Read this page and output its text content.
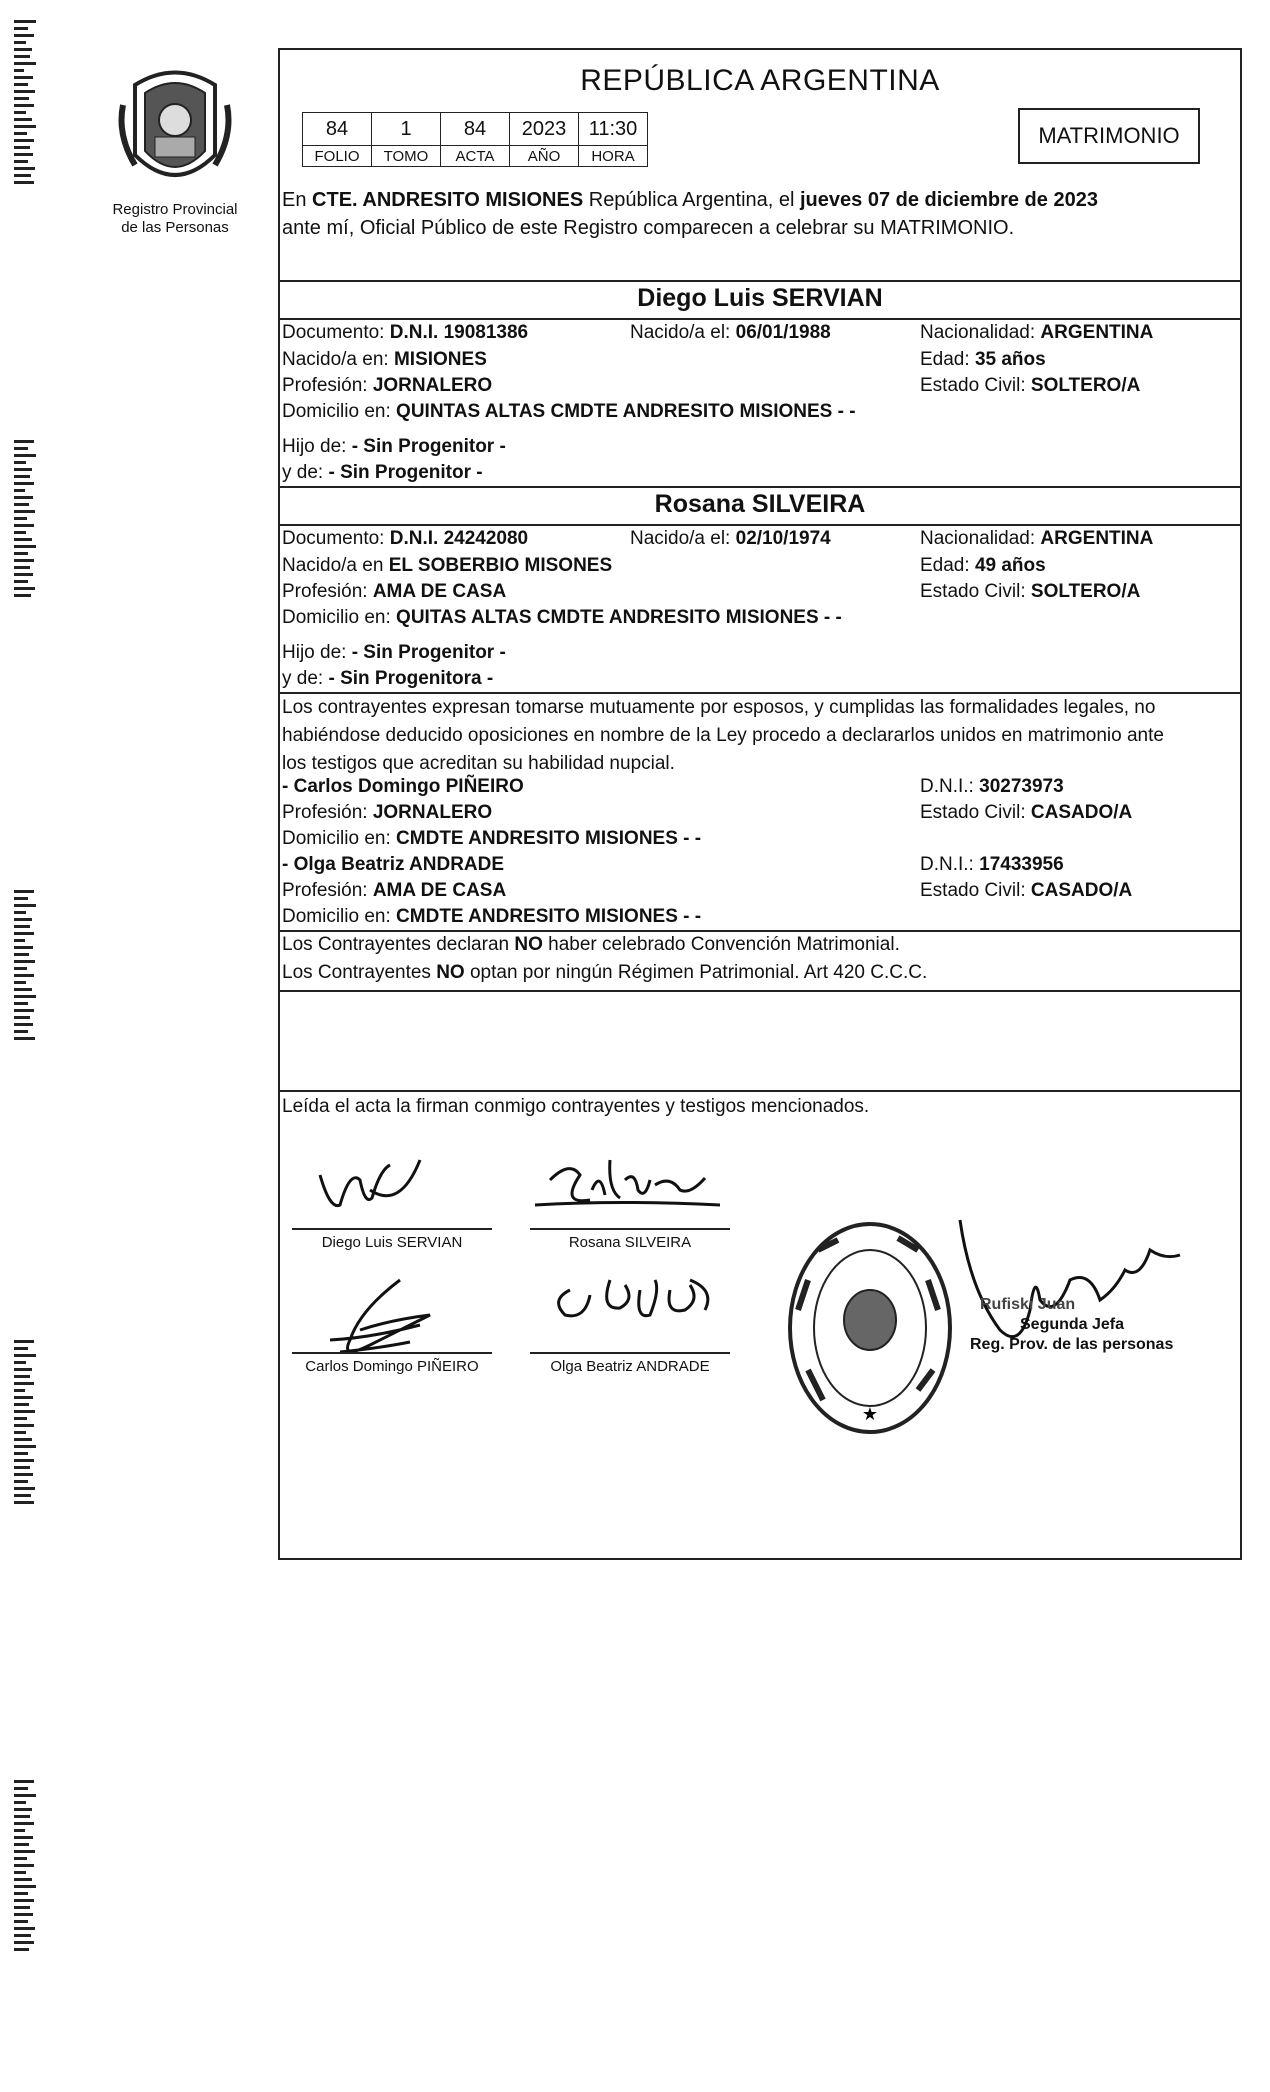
Registro Provincial
de las Personas
REPÚBLICA ARGENTINA
84	1	84	2023	11:30
FOLIO	TOMO	ACTA	AÑO	HORA
MATRIMONIO
En CTE. ANDRESITO MISIONES República Argentina, el jueves 07 de diciembre de 2023
ante mí, Oficial Público de este Registro comparecen a celebrar su MATRIMONIO.
Diego Luis SERVIAN
Documento: D.N.I. 19081386	Nacido/a el: 06/01/1988	Nacionalidad: ARGENTINA
Nacido/a en: MISIONES	Edad: 35 años
Profesión: JORNALERO	Estado Civil: SOLTERO/A
Domicilio en: QUINTAS ALTAS CMDTE ANDRESITO MISIONES - -
Hijo de: - Sin Progenitor -
y de: - Sin Progenitor -
Rosana SILVEIRA
Documento: D.N.I. 24242080	Nacido/a el: 02/10/1974	Nacionalidad: ARGENTINA
Nacido/a en EL SOBERBIO MISONES	Edad: 49 años
Profesión: AMA DE CASA	Estado Civil: SOLTERO/A
Domicilio en: QUITAS ALTAS CMDTE ANDRESITO MISIONES - -
Hijo de: - Sin Progenitor -
y de: - Sin Progenitora -
Los contrayentes expresan tomarse mutuamente por esposos, y cumplidas las formalidades legales, no
habiéndose deducido oposiciones en nombre de la Ley procedo a declararlos unidos en matrimonio ante
los testigos que acreditan su habilidad nupcial.
- Carlos Domingo PIÑEIRO	D.N.I.: 30273973
Profesión: JORNALERO	Estado Civil: CASADO/A
Domicilio en: CMDTE ANDRESITO MISIONES - -
- Olga Beatriz ANDRADE	D.N.I.: 17433956
Profesión: AMA DE CASA	Estado Civil: CASADO/A
Domicilio en: CMDTE ANDRESITO MISIONES - -
Los Contrayentes declaran NO haber celebrado Convención Matrimonial.
Los Contrayentes NO optan por ningún Régimen Patrimonial. Art 420 C.C.C.
Leída el acta la firman conmigo contrayentes y testigos mencionados.
Diego Luis SERVIAN	Rosana SILVEIRA
Carlos Domingo PIÑEIRO	Olga Beatriz ANDRADE
★
Rufiski Juan
Segunda Jefa
Reg. Prov. de las personas
